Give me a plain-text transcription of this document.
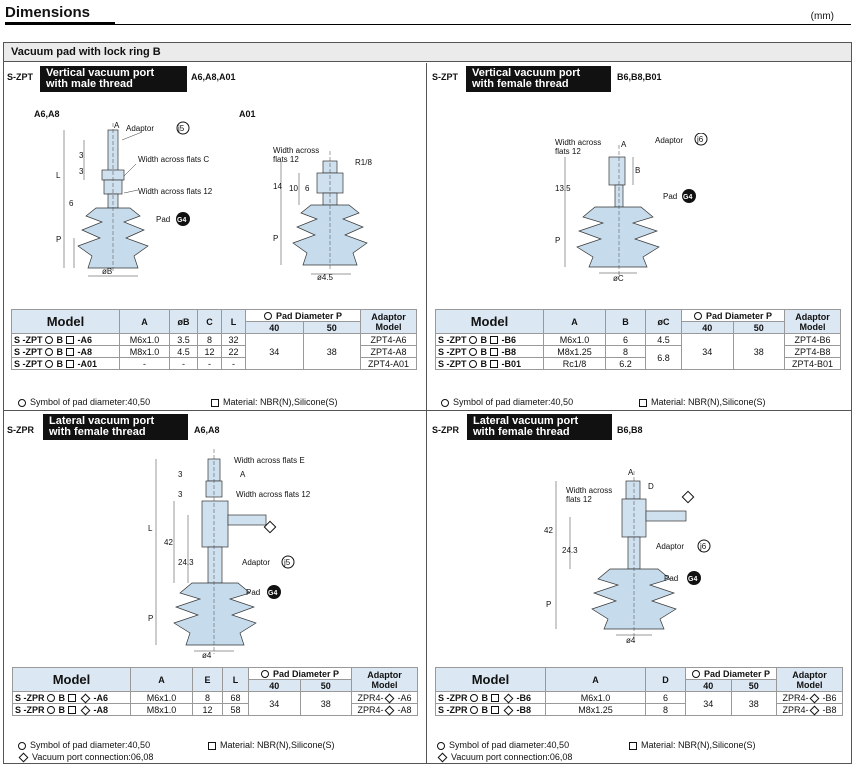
Dimensions	(mm)
Vacuum pad with lock ring B
S-ZPT Vertical vacuum port
with male thread
A6,A8,A01
A6,A8	A01
A Adaptor	j5
Width across flats C
Width across flats 12
Pad G4
3
3
L
6
P
øB
Width across
flats 12	R1/8
14 10 6
P
ø4.5
Model	A	øB	C	L	Pad Diameter P		Adaptor
Model

					40	50	
S -ZPT B -A6	M6x1.0	3.5	8	32	34	38	ZPT4-A6
S -ZPT B -A8	M8x1.0	4.5	12	22			ZPT4-A8
S -ZPT B -A01	-	-	-	-			ZPT4-A01
Symbol of pad diameter:40,50	Material: NBR(N),Silicone(S)
S-ZPT Vertical vacuum port
with female thread
B6,B8,B01
Width across
flats 12
A	Adaptor j6
B
Pad G4
13.5
P
øC
Model	A	B	øC	Pad Diameter P		Adaptor
Model

				40	50	
S -ZPT B -B6	M6x1.0	6	4.5	34	38	ZPT4-B6
S -ZPT B -B8	M8x1.25	8	6.8			ZPT4-B8
S -ZPT B -B01	Rc1/8	6.2				ZPT4-B01
Symbol of pad diameter:40,50	Material: NBR(N),Silicone(S)
S-ZPR
Lateral vacuum port
with female thread	A6,A8
Width across flats E
A
Width across flats 12
Adaptor j5
Pad G4
3
3
L
42
24.3
P
ø4
Model	A	E	L	Pad Diameter P		Adaptor
Model

				40	50	
S -ZPR B -A6	M6x1.0	8	68	34	38	ZPR4- -A6
S -ZPR B -A8	M8x1.0	12	58			ZPR4- -A8
Symbol of pad diameter:40,50	Material: NBR(N),Silicone(S)
Vacuum port connection:06,08
S-ZPR
Lateral vacuum port
with female thread	B6,B8
A
Width across
flats 12
D
Adaptor j6
Pad G4
42
24.3
P
ø4
Model	A	D	Pad Diameter P		Adaptor
Model

			40	50	
S -ZPR B -B6	M6x1.0	6	34	38	ZPR4- -B6
S -ZPR B -B8	M8x1.25	8			ZPR4- -B8
Symbol of pad diameter:40,50	Material: NBR(N),Silicone(S)
Vacuum port connection:06,08
